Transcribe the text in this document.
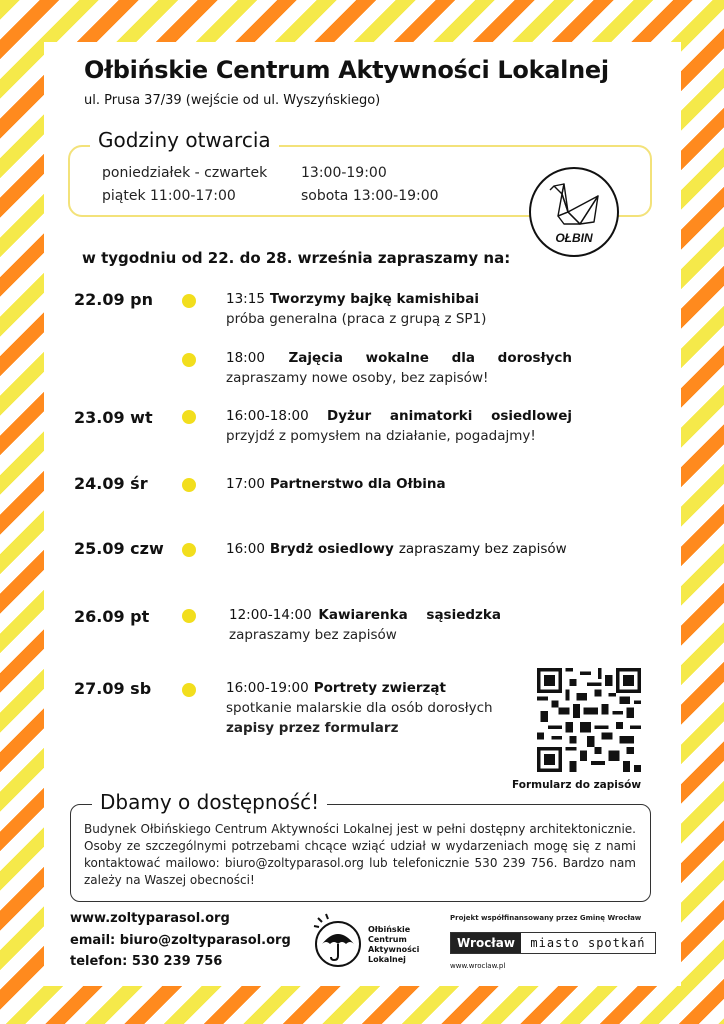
Ołbińskie Centrum Aktywności Lokalnej
ul. Prusa 37/39 (wejście od ul. Wyszyńskiego)
Godziny otwarcia
poniedziałek - czwartek 13:00-19:00
piątek 11:00-17:00	sobota 13:00-19:00
OŁBIN
w tygodniu od 22. do 28. września zapraszamy na:
22.09 pn	13:15 Tworzymy bajkę kamishibai
próba generalna (praca z grupą z SP1)
18:00 Zajęcia wokalne dla dorosłych
zapraszamy nowe osoby, bez zapisów!
23.09 wt	16:00-18:00 Dyżur animatorki osiedlowej
przyjdź z pomysłem na działanie, pogadajmy!
24.09 śr	17:00 Partnerstwo dla Ołbina
25.09 czw	16:00 Brydż osiedlowy zapraszamy bez zapisów
26.09 pt	12:00-14:00 Kawiarenka sąsiedzka
zapraszamy bez zapisów
27.09 sb	16:00-19:00 Portrety zwierząt
spotkanie malarskie dla osób dorosłych
zapisy przez formularz
Formularz do zapisów
Dbamy o dostępność!
Budynek Ołbińskiego Centrum Aktywności Lokalnej jest w pełni dostępny architektonicznie. Osoby ze szczególnymi potrzebami chcące wziąć udział w wydarzeniach mogę się z nami kontaktować mailowo: biuro@zoltyparasol.org lub telefonicznie 530 239 756. Bardzo nam zależy na Waszej obecności!
www.zoltyparasol.org
email: biuro@zoltyparasol.org
telefon: 530 239 756
Ołbińskie Centrum Aktywności Lokalnej
Projekt współfinansowany przez Gminę Wrocław
Wrocław	miasto spotkań
www.wroclaw.pl
